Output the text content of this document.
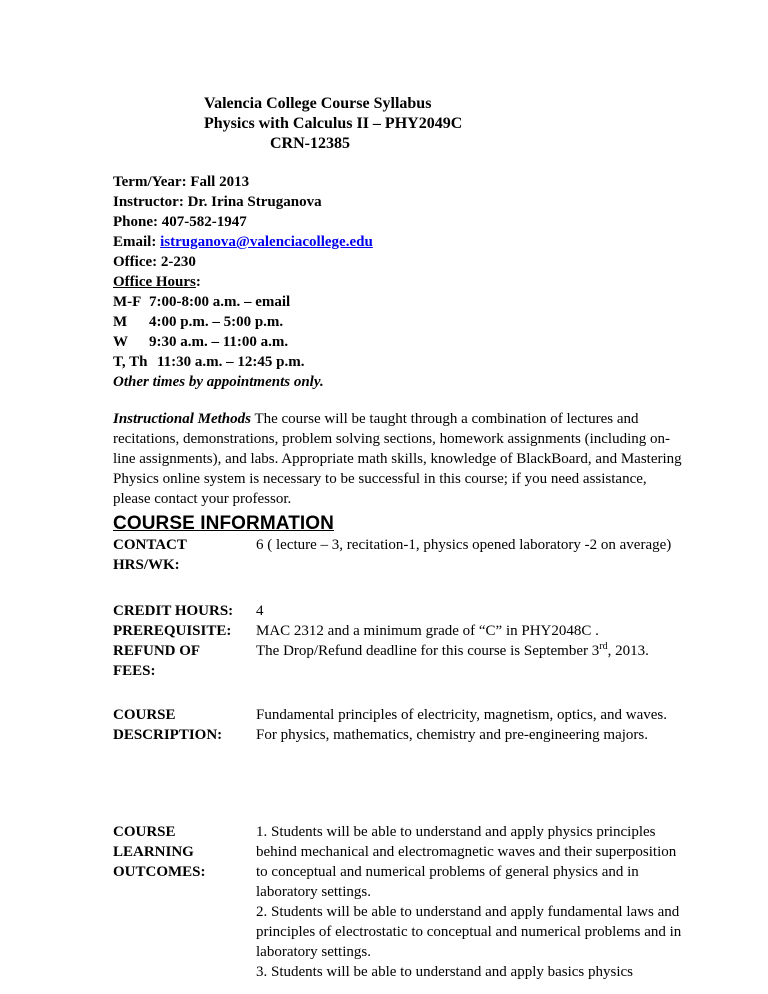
Valencia College Course Syllabus
Physics with Calculus II – PHY2049C
CRN-12385
Term/Year: Fall 2013
Instructor: Dr. Irina Struganova
Phone: 407-582-1947
Email: istruganova@valenciacollege.edu
Office: 2-230
Office Hours:
M-F 7:00-8:00 a.m. – email
M 4:00 p.m. – 5:00 p.m.
W 9:30 a.m. – 11:00 a.m.
T, Th 11:30 a.m. – 12:45 p.m.
Other times by appointments only.
Instructional Methods The course will be taught through a combination of lectures and recitations, demonstrations, problem solving sections, homework assignments (including on-line assignments), and labs. Appropriate math skills, knowledge of BlackBoard, and Mastering Physics online system is necessary to be successful in this course; if you need assistance, please contact your professor.
COURSE INFORMATION
CONTACT HRS/WK:
6 ( lecture – 3, recitation-1, physics opened laboratory -2 on average)
CREDIT HOURS: 4
PREREQUISITE: MAC 2312 and a minimum grade of “C” in PHY2048C .
REFUND OF FEES:
The Drop/Refund deadline for this course is September 3rd, 2013.
COURSE DESCRIPTION:
Fundamental principles of electricity, magnetism, optics, and waves. For physics, mathematics, chemistry and pre-engineering majors.
COURSE LEARNING OUTCOMES:
1. Students will be able to understand and apply physics principles behind mechanical and electromagnetic waves and their superposition to conceptual and numerical problems of general physics and in laboratory settings.
2. Students will be able to understand and apply fundamental laws and principles of electrostatic to conceptual and numerical problems and in laboratory settings.
3. Students will be able to understand and apply basics physics
